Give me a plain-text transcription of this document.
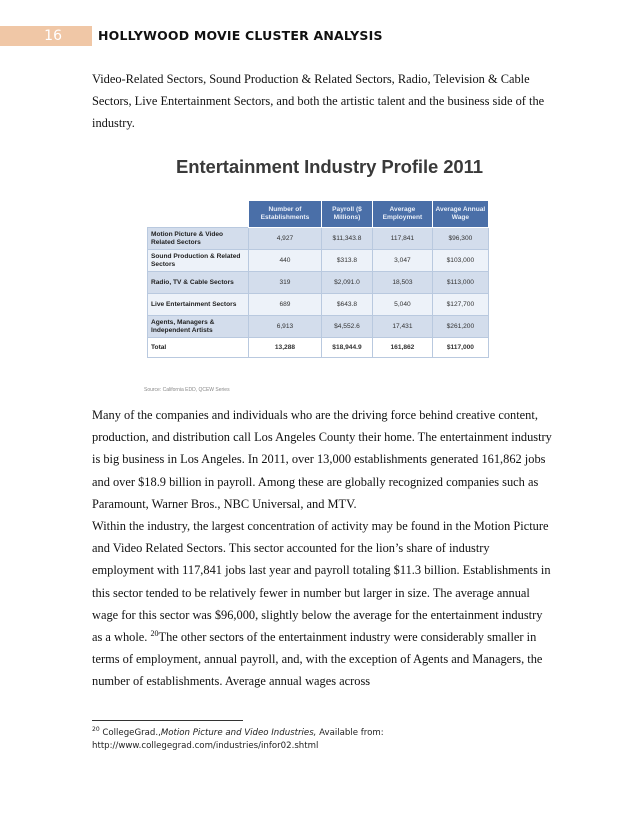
16	HOLLYWOOD MOVIE CLUSTER ANALYSIS
Video-Related Sectors, Sound Production & Related Sectors, Radio, Television & Cable Sectors, Live Entertainment Sectors, and both the artistic talent and the business side of the industry.
Entertainment Industry Profile 2011
	Number of Establishments	Payroll ($ Millions)	Average Employment	Average Annual Wage
Motion Picture & Video Related Sectors	4,927	$11,343.8	117,841	$96,300
Sound Production & Related Sectors	440	$313.8	3,047	$103,000
Radio, TV & Cable Sectors	319	$2,091.0	18,503	$113,000
Live Entertainment Sectors	689	$643.8	5,040	$127,700
Agents, Managers & Independent Artists	6,913	$4,552.6	17,431	$261,200
Total	13,288	$18,944.9	161,862	$117,000
Source: California EDD, QCEW Series
Many of the companies and individuals who are the driving force behind creative content, production, and distribution call Los Angeles County their home. The entertainment industry is big business in Los Angeles. In 2011, over 13,000 establishments generated 161,862 jobs and over $18.9 billion in payroll. Among these are globally recognized companies such as Paramount, Warner Bros., NBC Universal, and MTV.
Within the industry, the largest concentration of activity may be found in the Motion Picture and Video Related Sectors. This sector accounted for the lion’s share of industry employment with 117,841 jobs last year and payroll totaling $11.3 billion. Establishments in this sector tended to be relatively fewer in number but larger in size. The average annual wage for this sector was $96,000, slightly below the average for the entertainment industry as a whole. $^{20}$The other sectors of the entertainment industry were considerably smaller in terms of employment, annual payroll, and, with the exception of Agents and Managers, the number of establishments. Average annual wages across
$^{20}$ CollegeGrad.,Motion Picture and Video Industries, Available from:
http://www.collegegrad.com/industries/infor02.shtml
